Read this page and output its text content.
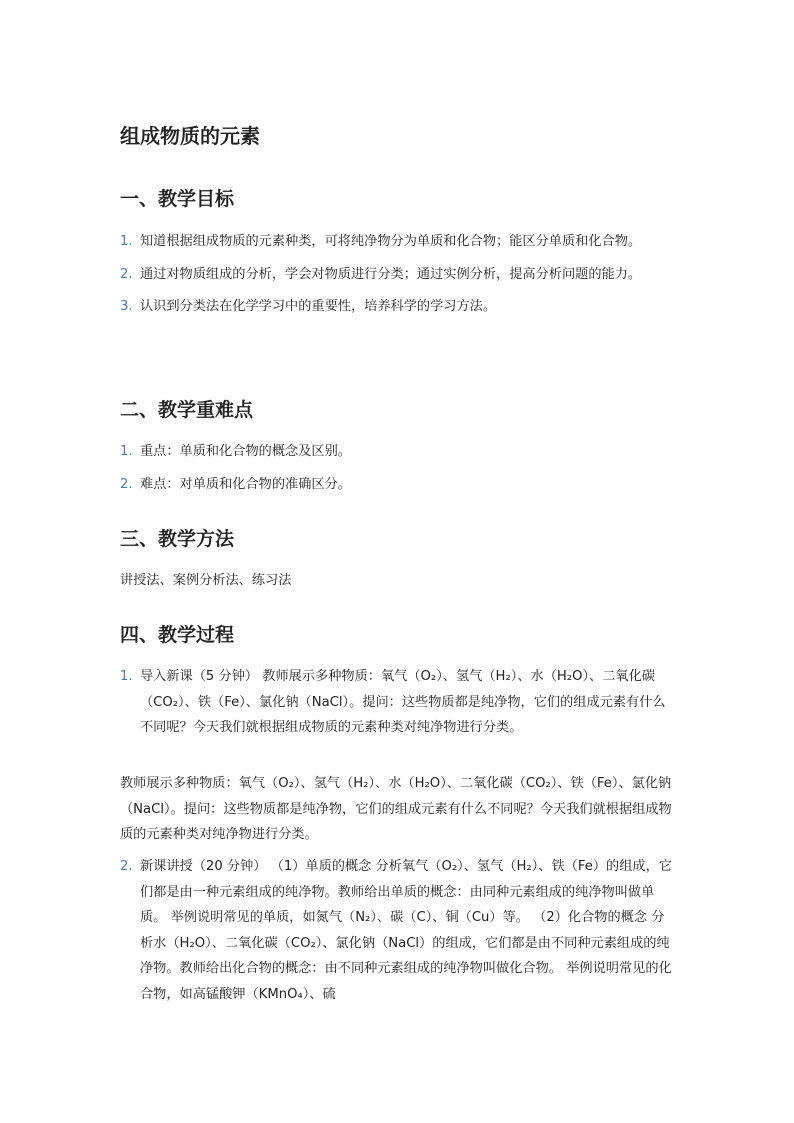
组成物质的元素
一、教学目标
1. 知道根据组成物质的元素种类，可将纯净物分为单质和化合物；能区分单质和化合物。
2. 通过对物质组成的分析，学会对物质进行分类；通过实例分析，提高分析问题的能力。
3. 认识到分类法在化学学习中的重要性，培养科学的学习方法。
二、教学重难点
1. 重点：单质和化合物的概念及区别。
2. 难点：对单质和化合物的准确区分。
三、教学方法

讲授法、案例分析法、练习法

四、教学过程
1. 导入新课（5 分钟） 教师展示多种物质：氧气（O₂）、氢气（H₂）、水（H₂O）、二氧化碳（CO₂）、铁（Fe）、氯化钠（NaCl）。提问：这些物质都是纯净物，它们的组成元素有什么不同呢？今天我们就根据组成物质的元素种类对纯净物进行分类。

教师展示多种物质：氧气（O₂）、氢气（H₂）、水（H₂O）、二氧化碳（CO₂）、铁（Fe）、氯化钠（NaCl）。提问：这些物质都是纯净物，它们的组成元素有什么不同呢？今天我们就根据组成物质的元素种类对纯净物进行分类。

2. 新课讲授（20 分钟） （1）单质的概念 分析氧气（O₂）、氢气（H₂）、铁（Fe）的组成，它们都是由一种元素组成的纯净物。教师给出单质的概念：由同种元素组成的纯净物叫做单质。 举例说明常见的单质，如氮气（N₂）、碳（C）、铜（Cu）等。 （2）化合物的概念 分析水（H₂O）、二氧化碳（CO₂）、氯化钠（NaCl）的组成，它们都是由不同种元素组成的纯净物。教师给出化合物的概念：由不同种元素组成的纯净物叫做化合物。 举例说明常见的化合物，如高锰酸钾（KMnO₄）、硫
